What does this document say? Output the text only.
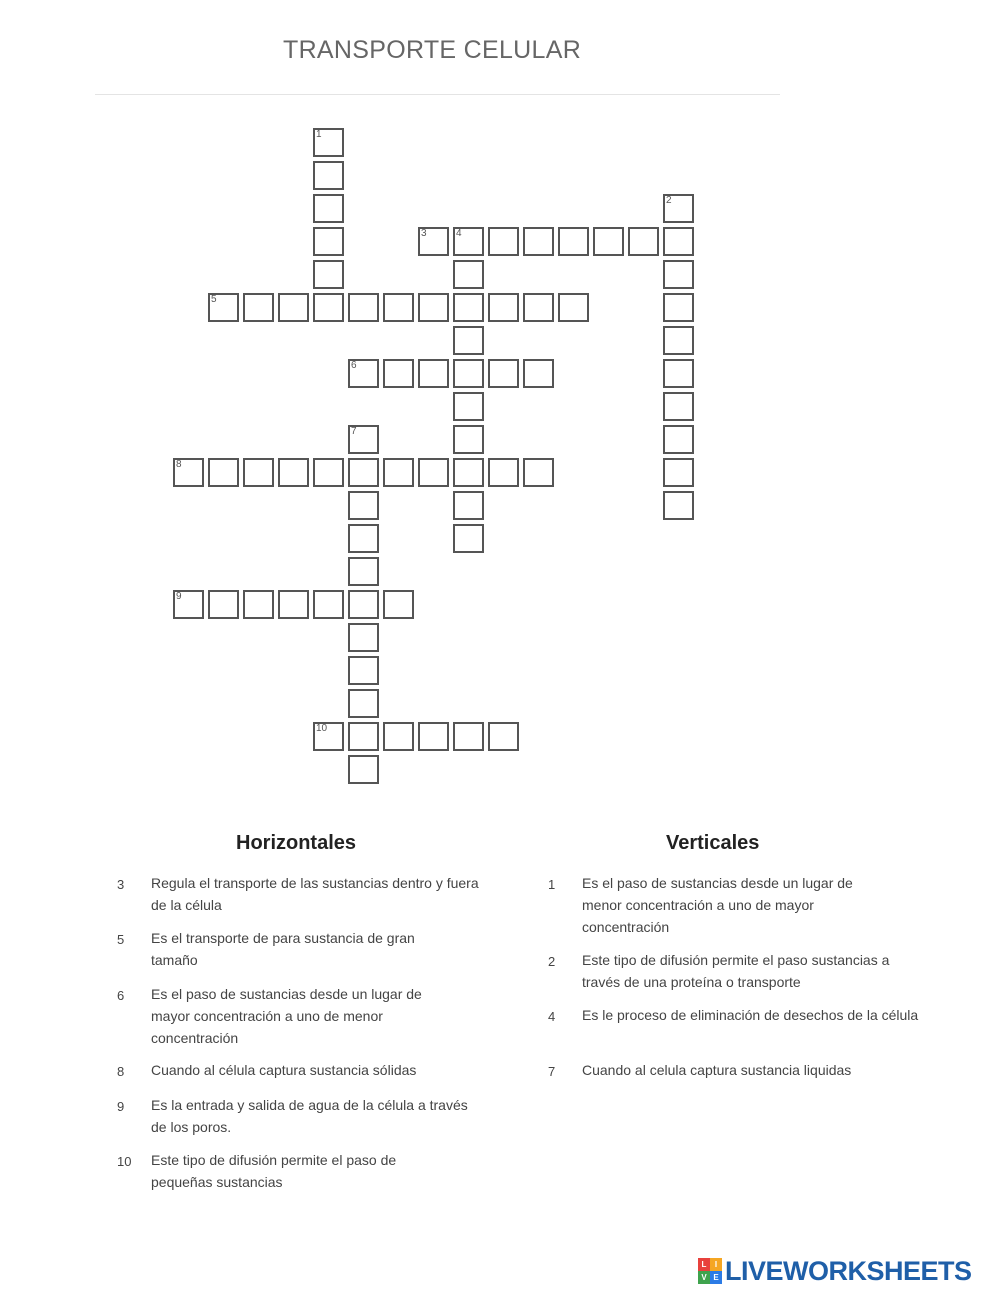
TRANSPORTE CELULAR
1
2
3	4
5
6
7
8
9
10
Horizontales
3 Regula el transporte de las sustancias dentro y fuera de la célula
5 Es el transporte de para sustancia de gran tamaño
6 Es el paso de sustancias desde un lugar de mayor concentración a uno de menor concentración
8 Cuando al célula captura sustancia sólidas
9 Es la entrada y salida de agua de la célula a través de los poros.
10 Este tipo de difusión permite el paso de pequeñas sustancias
Verticales
1 Es el paso de sustancias desde un lugar de menor concentración a uno de mayor concentración
2 Este tipo de difusión permite el paso sustancias a través de una proteína o transporte
4 Es le proceso de eliminación de desechos de la célula
7 Cuando al celula captura sustancia liquidas
L	I
V E LIVEWORKSHEETS
